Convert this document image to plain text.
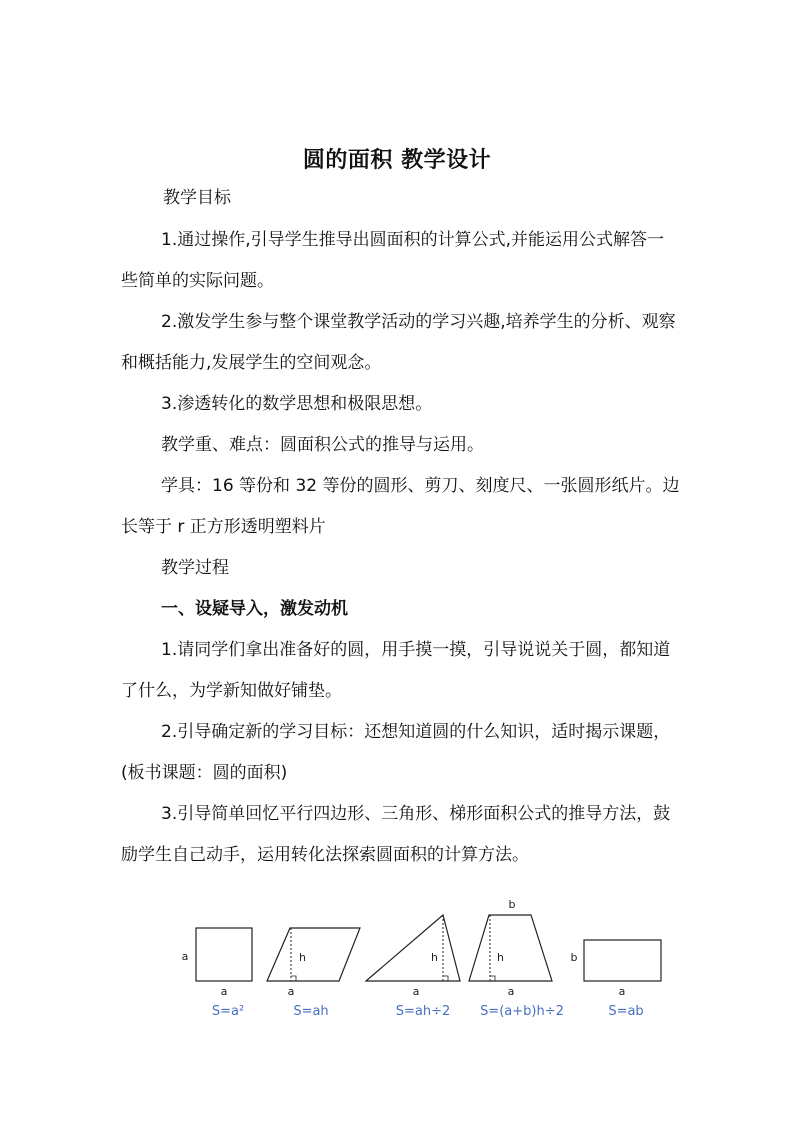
圆的面积 教学设计
教学目标
1.通过操作,引导学生推导出圆面积的计算公式,并能运用公式解答一些简单的实际问题。
2.激发学生参与整个课堂教学活动的学习兴趣,培养学生的分析、观察和概括能力,发展学生的空间观念。
3.渗透转化的数学思想和极限思想。
教学重、难点：圆面积公式的推导与运用。
学具：16 等份和 32 等份的圆形、剪刀、刻度尺、一张圆形纸片。边长等于 r 正方形透明塑料片
教学过程
一、设疑导入，激发动机
1.请同学们拿出准备好的圆，用手摸一摸，引导说说关于圆，都知道了什么，为学新知做好铺垫。
2.引导确定新的学习目标：还想知道圆的什么知识，适时揭示课题，(板书课题：圆的面积)
3.引导简单回忆平行四边形、三角形、梯形面积公式的推导方法，鼓励学生自己动手，运用转化法探索圆面积的计算方法。
a
a
S=a²
h
a
S=ah
h
a
S=ah÷2
b
h
a
S=(a+b)h÷2
b
a
S=ab
